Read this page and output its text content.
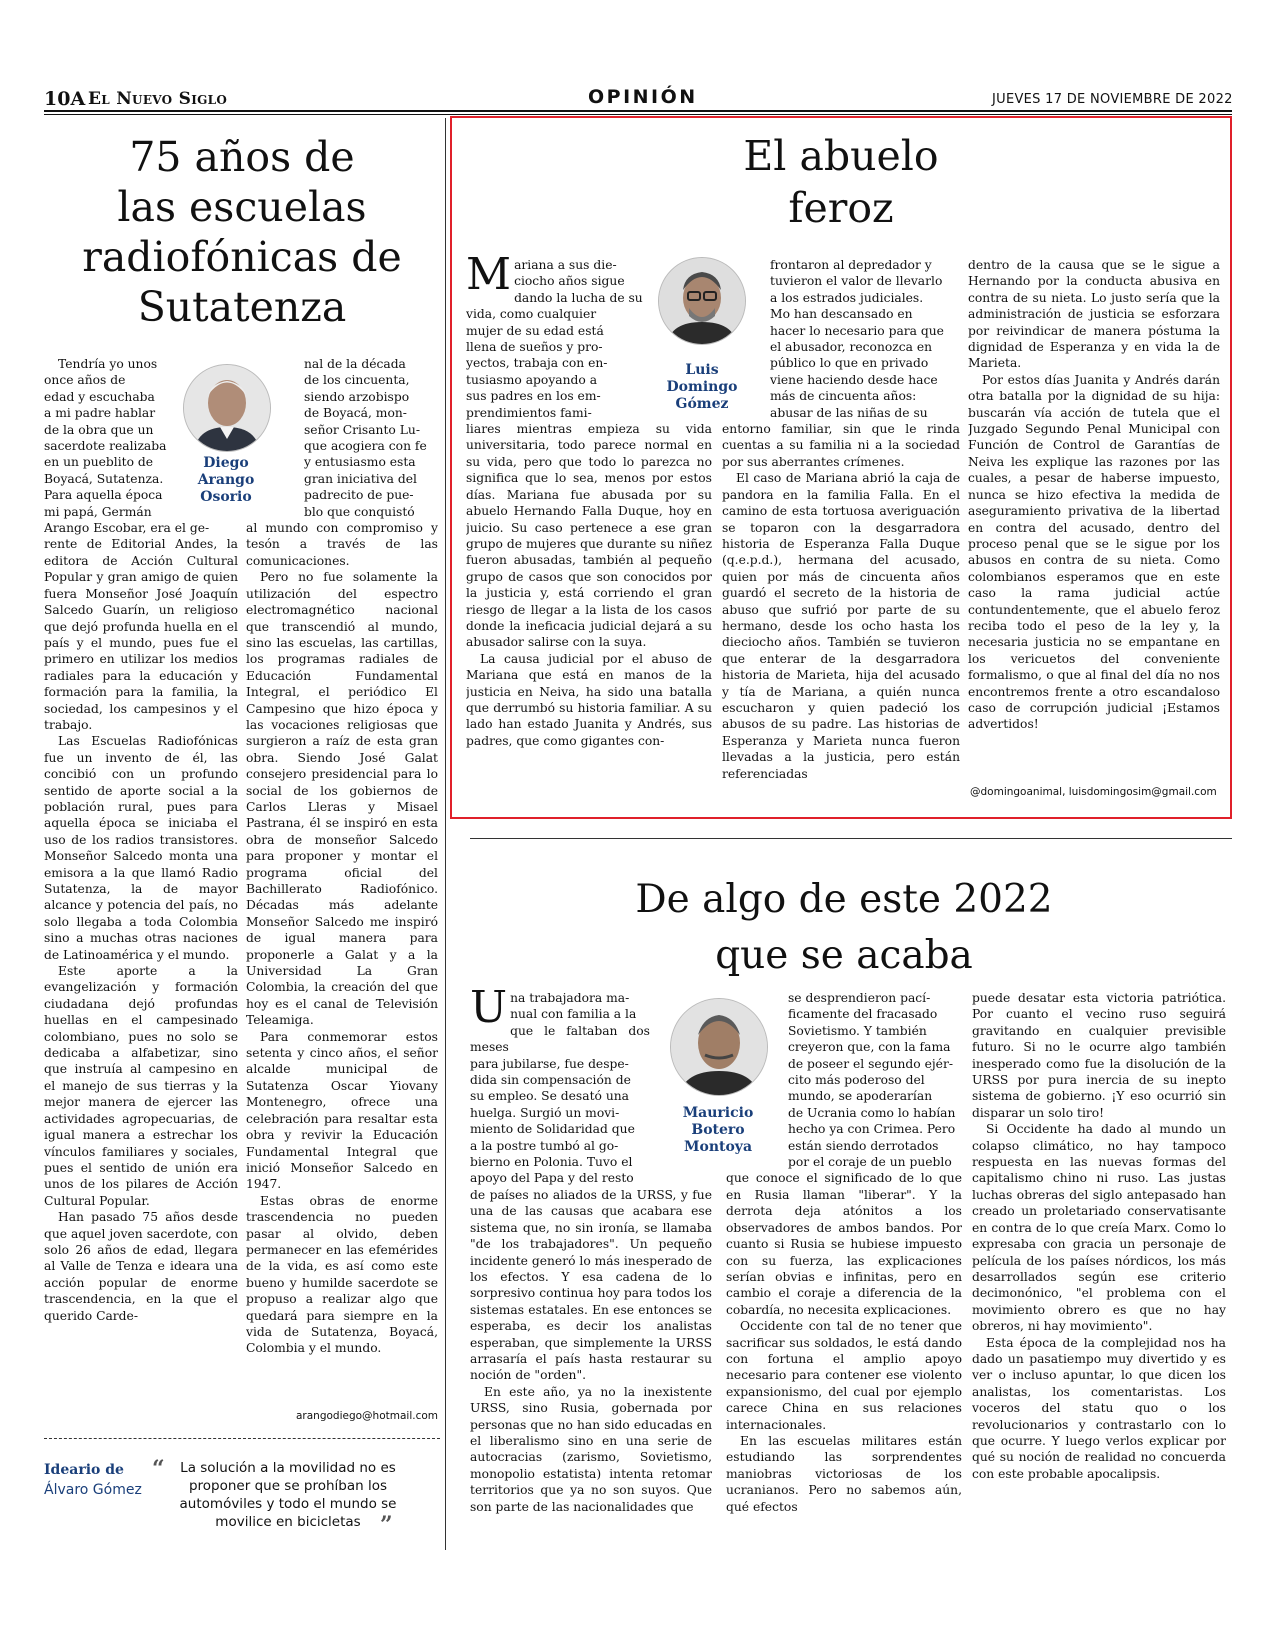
10A El Nuevo Siglo	OPINIÓN	JUEVES 17 DE NOVIEMBRE DE 2022
75 años de
las escuelas
radiofónicas de
Sutatenza
Diego Arango
Osorio
Tendría yo unos
once años de
edad y escuchaba
a mi padre hablar
de la obra que un
sacerdote realizaba
en un pueblito de
Boyacá, Sutatenza.
Para aquella época
mi papá, Germán
Arango Escobar, era el ge-

rente de Editorial Andes, la editora de Acción Cultural Popular y gran amigo de quien fuera Monseñor José Joaquín Salcedo Guarín, un religioso que dejó profunda huella en el país y el mundo, pues fue el primero en utilizar los medios radiales para la educación y formación para la familia, la sociedad, los campesinos y el trabajo.

Las Escuelas Radiofónicas fue un invento de él, las concibió con un profundo sentido de aporte social a la población rural, pues para aquella época se iniciaba el uso de los radios transistores. Monseñor Salcedo monta una emisora a la que llamó Radio Sutatenza, la de mayor alcance y potencia del país, no solo llegaba a toda Colombia sino a muchas otras naciones de Latinoamérica y el mundo.

Este aporte a la evangelización y formación ciudadana dejó profundas huellas en el campesinado colombiano, pues no solo se dedicaba a alfabetizar, sino que instruía al campesino en el manejo de sus tierras y la mejor manera de ejercer las actividades agropecuarias, de igual manera a estrechar los vínculos familiares y sociales, pues el sentido de unión era unos de los pilares de Acción Cultural Popular.

Han pasado 75 años desde que aquel joven sacerdote, con solo 26 años de edad, llegara al Valle de Tenza e ideara una acción popular de enorme trascendencia, en la que el querido Carde-

nal de la década
de los cincuenta,
siendo arzobispo
de Boyacá, mon-
señor Crisanto Lu-
que acogiera con fe
y entusiasmo esta
gran iniciativa del
padrecito de pue-
blo que conquistó

al mundo con compromiso y tesón a través de las comunicaciones.

Pero no fue solamente la utilización del espectro electromagnético nacional que transcendió al mundo, sino las escuelas, las cartillas, los programas radiales de Educación Fundamental Integral, el periódico El Campesino que hizo época y las vocaciones religiosas que surgieron a raíz de esta gran obra. Siendo José Galat consejero presidencial para lo social de los gobiernos de Carlos Lleras y Misael Pastrana, él se inspiró en esta obra de monseñor Salcedo para proponer y montar el programa oficial del Bachillerato Radiofónico. Décadas más adelante Monseñor Salcedo me inspiró de igual manera para proponerle a Galat y a la Universidad La Gran Colombia, la creación del que hoy es el canal de Televisión Teleamiga.

Para conmemorar estos setenta y cinco años, el señor alcalde municipal de Sutatenza Oscar Yiovany Montenegro, ofrece una celebración para resaltar esta obra y revivir la Educación Fundamental Integral que inició Monseñor Salcedo en 1947.

Estas obras de enorme trascendencia no pueden pasar al olvido, deben permanecer en las efemérides de la vida, es así como este bueno y humilde sacerdote se propuso a realizar algo que quedará para siempre en la vida de Sutatenza, Boyacá, Colombia y el mundo.

arangodiego@hotmail.com
Ideario de
Álvaro Gómez
“	La solución a la movilidad no es
proponer que se prohíban los
automóviles y todo el mundo se
movilice en bicicletas ”
El abuelo
feroz
Luis Domingo
Gómez
M ariana a sus die-
ciocho años sigue
dando la lucha de su
vida, como cualquier
mujer de su edad está
llena de sueños y pro-
yectos, trabaja con en-
tusiasmo apoyando a
sus padres en los em-
prendimientos fami-

liares mientras empieza su vida universitaria, todo parece normal en su vida, pero que todo lo parezca no significa que lo sea, menos por estos días. Mariana fue abusada por su abuelo Hernando Falla Duque, hoy en juicio. Su caso pertenece a ese gran grupo de mujeres que durante su niñez fueron abusadas, también al pequeño grupo de casos que son conocidos por la justicia y, está corriendo el gran riesgo de llegar a la lista de los casos donde la ineficacia judicial dejará a su abusador salirse con la suya.

La causa judicial por el abuso de Mariana que está en manos de la justicia en Neiva, ha sido una batalla que derrumbó su historia familiar. A su lado han estado Juanita y Andrés, sus padres, que como gigantes con-

frontaron al depredador y
tuvieron el valor de llevarlo
a los estrados judiciales.
Mo han descansado en
hacer lo necesario para que
el abusador, reconozca en
público lo que en privado
viene haciendo desde hace
más de cincuenta años:
abusar de las niñas de su

entorno familiar, sin que le rinda cuentas a su familia ni a la sociedad por sus aberrantes crímenes.

El caso de Mariana abrió la caja de pandora en la familia Falla. En el camino de esta tortuosa averiguación se toparon con la desgarradora historia de Esperanza Falla Duque (q.e.p.d.), hermana del acusado, quien por más de cincuenta años guardó el secreto de la historia de abuso que sufrió por parte de su hermano, desde los ocho hasta los dieciocho años. También se tuvieron que enterar de la desgarradora historia de Marieta, hija del acusado y tía de Mariana, a quién nunca escucharon y quien padeció los abusos de su padre. Las historias de Esperanza y Marieta nunca fueron llevadas a la justicia, pero están referenciadas

dentro de la causa que se le sigue a Hernando por la conducta abusiva en contra de su nieta. Lo justo sería que la administración de justicia se esforzara por reivindicar de manera póstuma la dignidad de Esperanza y en vida la de Marieta.

Por estos días Juanita y Andrés darán otra batalla por la dignidad de su hija: buscarán vía acción de tutela que el Juzgado Segundo Penal Municipal con Función de Control de Garantías de Neiva les explique las razones por las cuales, a pesar de haberse impuesto, nunca se hizo efectiva la medida de aseguramiento privativa de la libertad en contra del acusado, dentro del proceso penal que se le sigue por los abusos en contra de su nieta. Como colombianos esperamos que en este caso la rama judicial actúe contundentemente, que el abuelo feroz reciba todo el peso de la ley y, la necesaria justicia no se empantane en los vericuetos del conveniente formalismo, o que al final del día no nos encontremos frente a otro escandaloso caso de corrupción judicial ¡Estamos advertidos!

@domingoanimal, luisdomingosim@gmail.com
De algo de este 2022
que se acaba
Mauricio
Botero
Montoya
U na trabajadora ma-
nual con familia a la
que le faltaban dos meses
para jubilarse, fue despe-
dida sin compensación de
su empleo. Se desató una
huelga. Surgió un movi-
miento de Solidaridad que
a la postre tumbó al go-
bierno en Polonia. Tuvo el
apoyo del Papa y del resto

de países no aliados de la URSS, y fue una de las causas que acabara ese sistema que, no sin ironía, se llamaba "de los trabajadores". Un pequeño incidente generó lo más inesperado de los efectos. Y esa cadena de lo sorpresivo continua hoy para todos los sistemas estatales. En ese entonces se esperaba, es decir los analistas esperaban, que simplemente la URSS arrasaría el país hasta restaurar su noción de "orden".

En este año, ya no la inexistente URSS, sino Rusia, gobernada por personas que no han sido educadas en el liberalismo sino en una serie de autocracias (zarismo, Sovietismo, monopolio estatista) intenta retomar territorios que ya no son suyos. Que son parte de las nacionalidades que

se desprendieron pací-
ficamente del fracasado
Sovietismo. Y también
creyeron que, con la fama
de poseer el segundo ejér-
cito más poderoso del
mundo, se apoderarían
de Ucrania como lo habían
hecho ya con Crimea. Pero
están siendo derrotados
por el coraje de un pueblo

que conoce el significado de lo que en Rusia llaman "liberar". Y la derrota deja atónitos a los observadores de ambos bandos. Por cuanto si Rusia se hubiese impuesto con su fuerza, las explicaciones serían obvias e infinitas, pero en cambio el coraje a diferencia de la cobardía, no necesita explicaciones.

Occidente con tal de no tener que sacrificar sus soldados, le está dando con fortuna el amplio apoyo necesario para contener ese violento expansionismo, del cual por ejemplo carece China en sus relaciones internacionales.

En las escuelas militares están estudiando las sorprendentes maniobras victoriosas de los ucranianos. Pero no sabemos aún, qué efectos

puede desatar esta victoria patriótica. Por cuanto el vecino ruso seguirá gravitando en cualquier previsible futuro. Si no le ocurre algo también inesperado como fue la disolución de la URSS por pura inercia de su inepto sistema de gobierno. ¡Y eso ocurrió sin disparar un solo tiro!

Si Occidente ha dado al mundo un colapso climático, no hay tampoco respuesta en las nuevas formas del capitalismo chino ni ruso. Las justas luchas obreras del siglo antepasado han creado un proletariado conservatisante en contra de lo que creía Marx. Como lo expresaba con gracia un personaje de película de los países nórdicos, los más desarrollados según ese criterio decimonónico, "el problema con el movimiento obrero es que no hay obreros, ni hay movimiento".

Esta época de la complejidad nos ha dado un pasatiempo muy divertido y es ver o incluso apuntar, lo que dicen los analistas, los comentaristas. Los voceros del statu quo o los revolucionarios y contrastarlo con lo que ocurre. Y luego verlos explicar por qué su noción de realidad no concuerda con este probable apocalipsis.
